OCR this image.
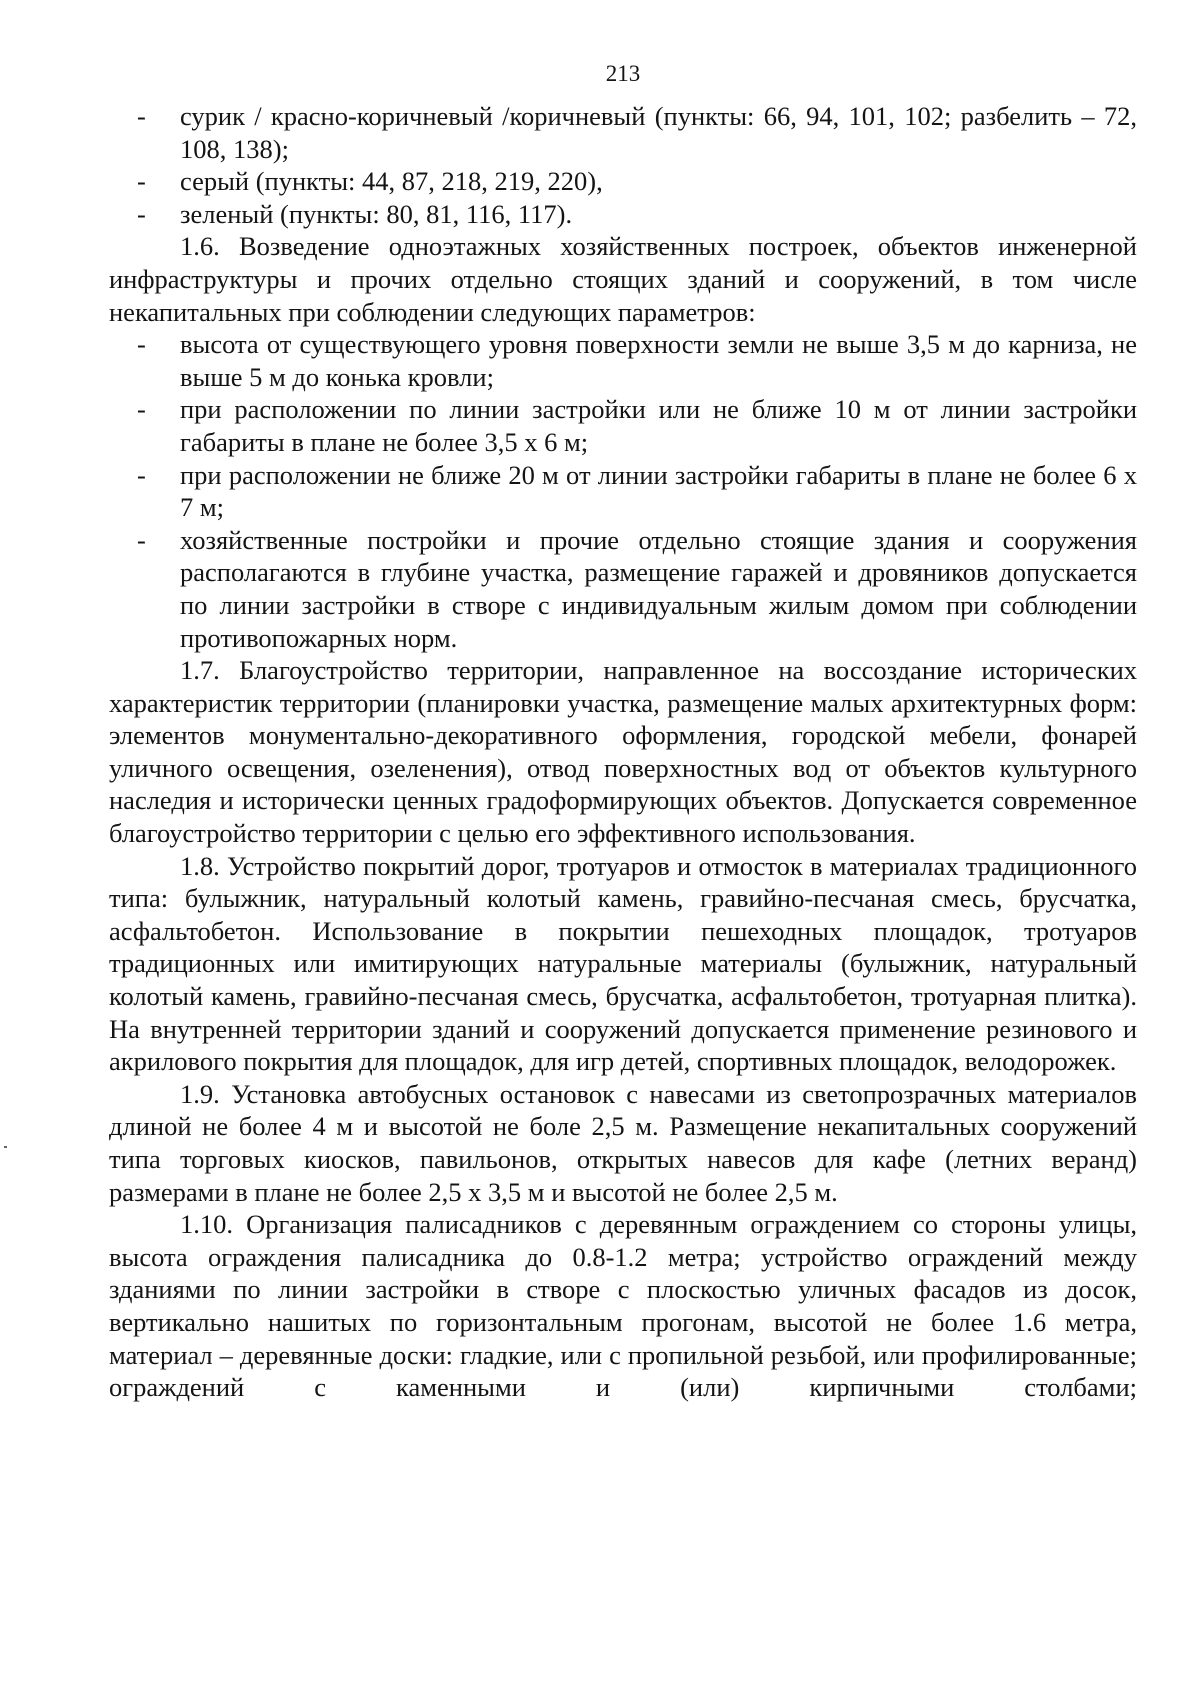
213
- сурик / красно-коричневый /коричневый (пункты: 66, 94, 101, 102; разбелить – 72, 108, 138);
- серый (пункты: 44, 87, 218, 219, 220),
- зеленый (пункты: 80, 81, 116, 117).

1.6. Возведение одноэтажных хозяйственных построек, объектов инженерной инфраструктуры и прочих отдельно стоящих зданий и сооружений, в том числе некапитальных при соблюдении следующих параметров:

- высота от существующего уровня поверхности земли не выше 3,5 м до карниза, не выше 5 м до конька кровли;
- при расположении по линии застройки или не ближе 10 м от линии застройки габариты в плане не более 3,5 х 6 м;
- при расположении не ближе 20 м от линии застройки габариты в плане не более 6 х 7 м;
- хозяйственные постройки и прочие отдельно стоящие здания и сооружения располагаются в глубине участка, размещение гаражей и дровяников допускается по линии застройки в створе с индивидуальным жилым домом при соблюдении противопожарных норм.

1.7. Благоустройство территории, направленное на воссоздание исторических характеристик территории (планировки участка, размещение малых архитектурных форм: элементов монументально-декоративного оформления, городской мебели, фонарей уличного освещения, озеленения), отвод поверхностных вод от объектов культурного наследия и исторически ценных градоформирующих объектов. Допускается современное благоустройство территории с целью его эффективного использования.

1.8. Устройство покрытий дорог, тротуаров и отмосток в материалах традиционного типа: булыжник, натуральный колотый камень, гравийно-песчаная смесь, брусчатка, асфальтобетон. Использование в покрытии пешеходных площадок, тротуаров традиционных или имитирующих натуральные материалы (булыжник, натуральный колотый камень, гравийно-песчаная смесь, брусчатка, асфальтобетон, тротуарная плитка). На внутренней территории зданий и сооружений допускается применение резинового и акрилового покрытия для площадок, для игр детей, спортивных площадок, велодорожек.

1.9. Установка автобусных остановок с навесами из светопрозрачных материалов длиной не более 4 м и высотой не боле 2,5 м. Размещение некапитальных сооружений типа торговых киосков, павильонов, открытых навесов для кафе (летних веранд) размерами в плане не более 2,5 х 3,5 м и высотой не более 2,5 м.

1.10. Организация палисадников с деревянным ограждением со стороны улицы, высота ограждения палисадника до 0.8-1.2 метра; устройство ограждений между зданиями по линии застройки в створе с плоскостью уличных фасадов из досок, вертикально нашитых по горизонтальным прогонам, высотой не более 1.6 метра, материал – деревянные доски: гладкие, или с пропильной резьбой, или профилированные; ограждений с каменными и (или) кирпичными столбами;
